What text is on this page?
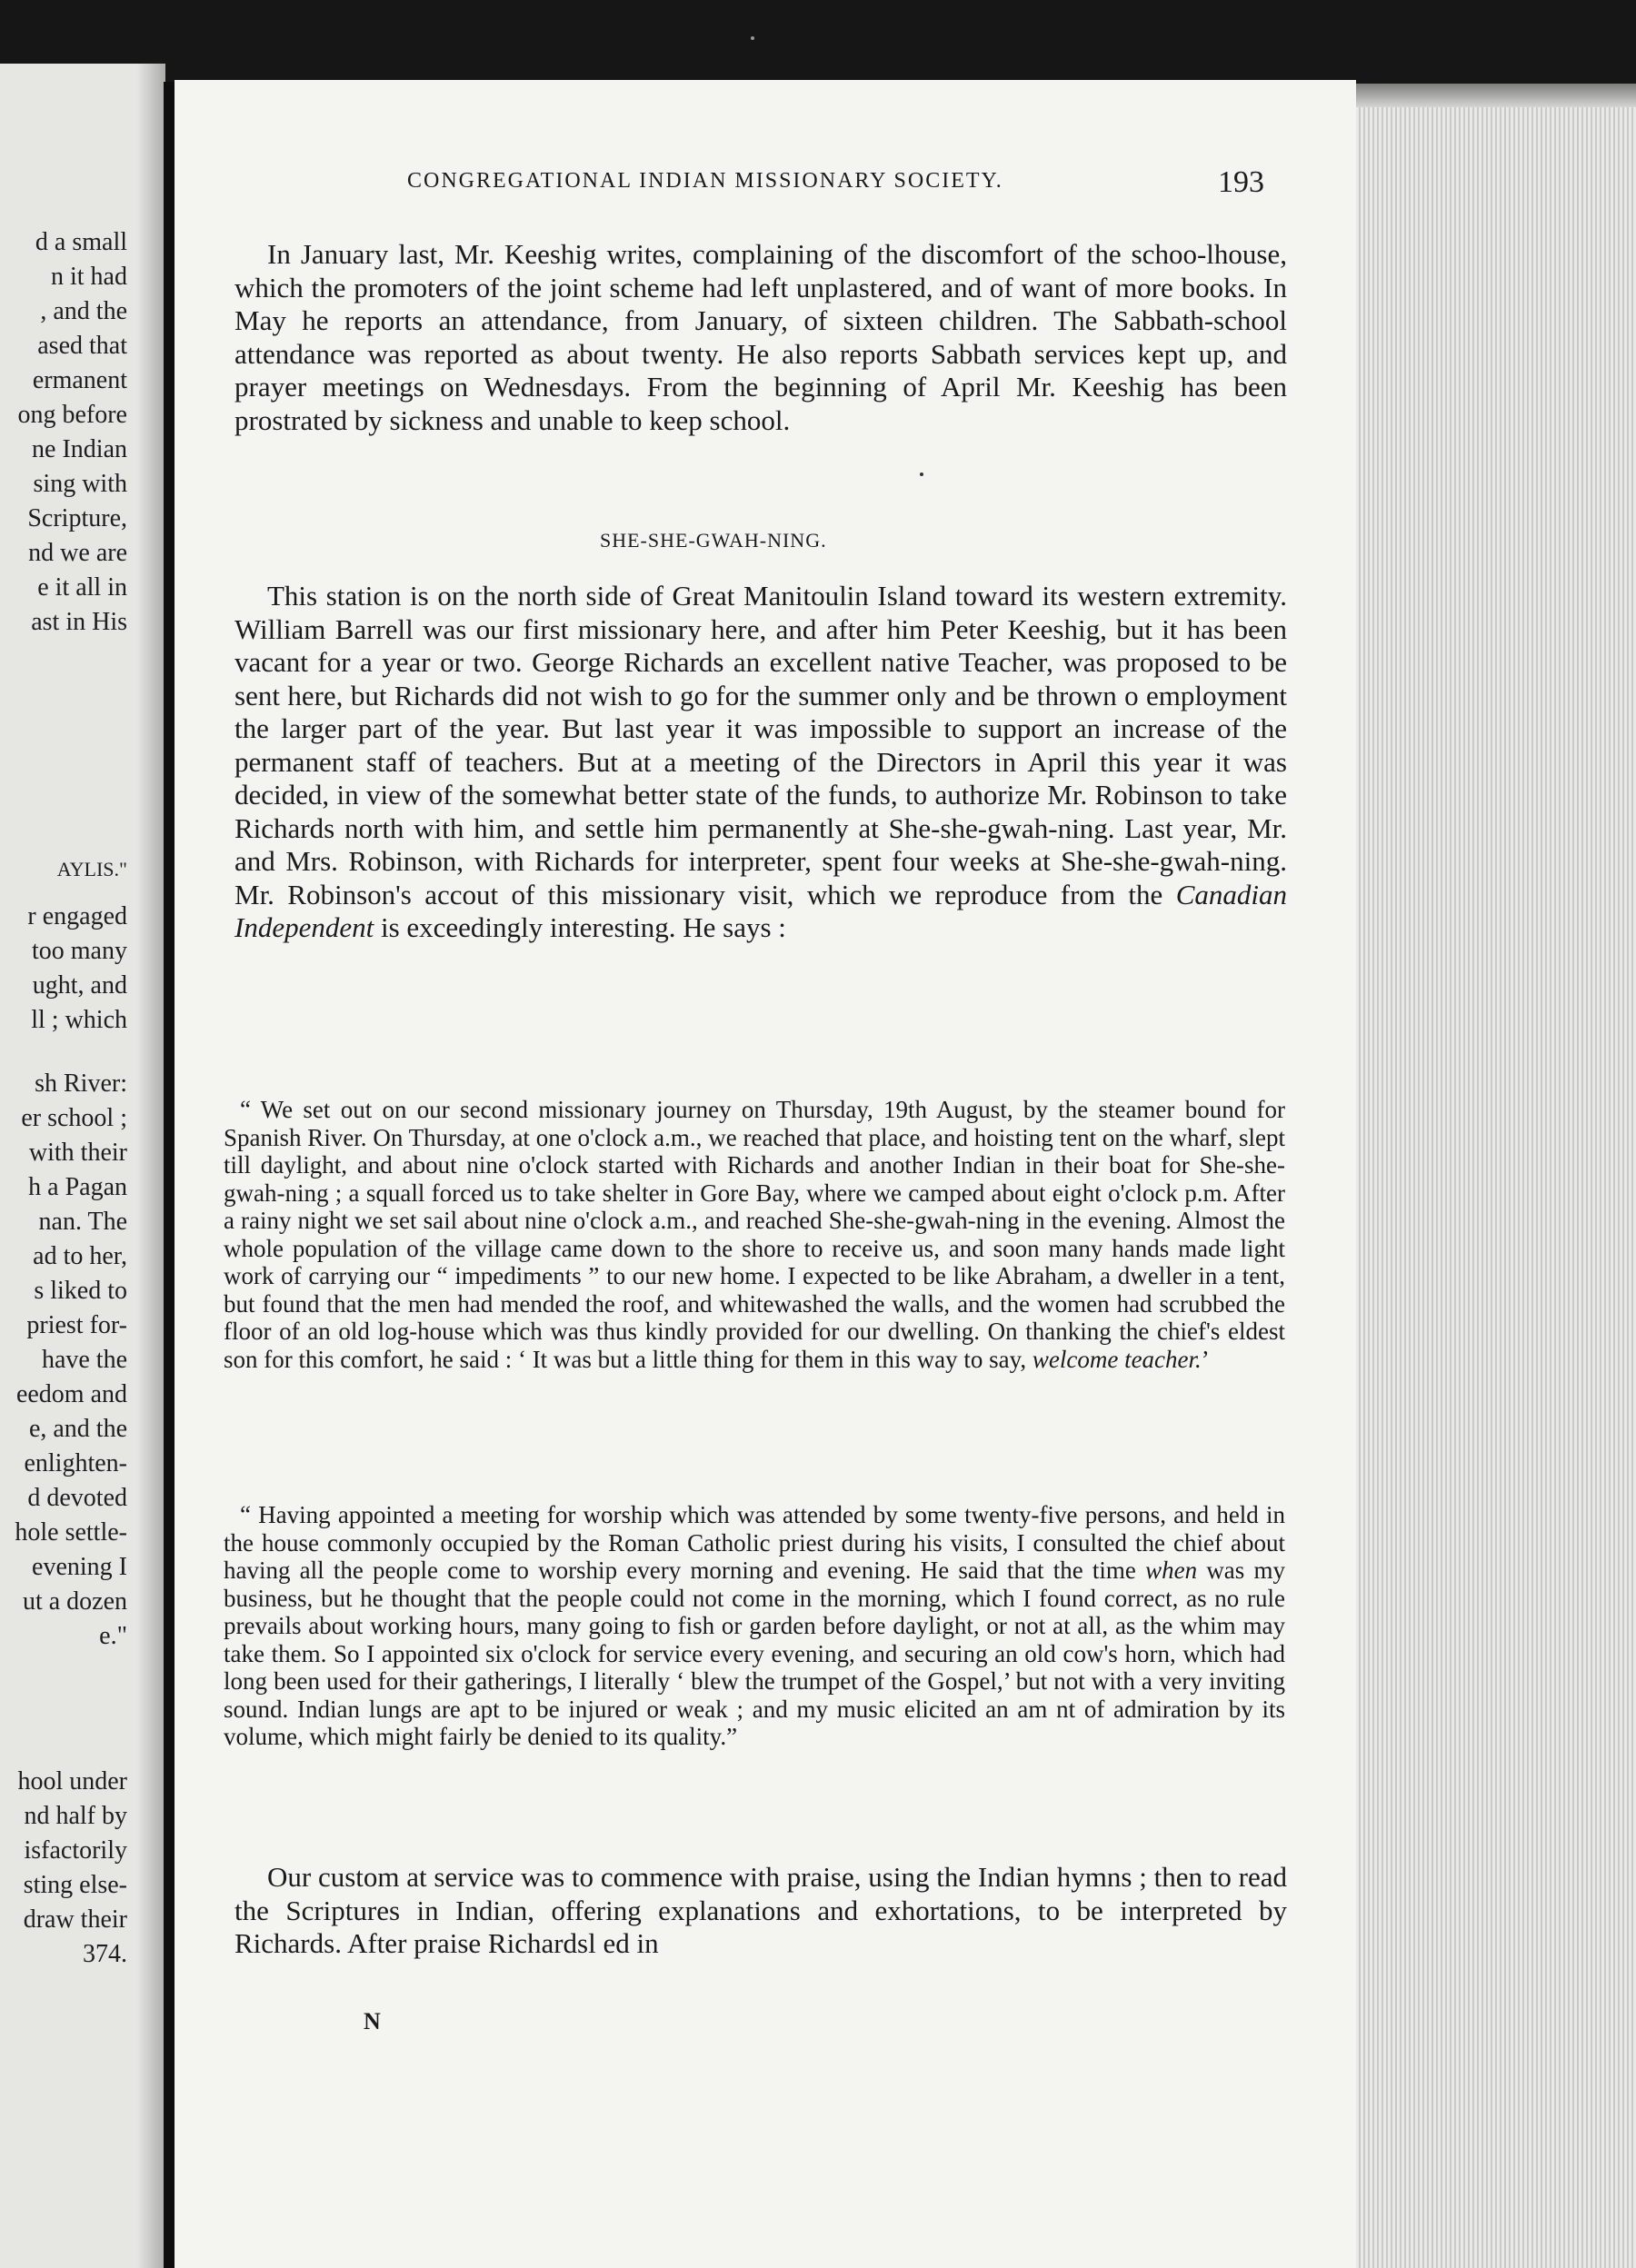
d a small
n it had
, and the
ased that
ermanent
ong before
ne Indian
sing with
Scripture,
nd we are
e it all in
ast in His
AYLIS."
r engaged
too many
ught, and
ll ; which
sh River:
er school ;
with their
h a Pagan
nan. The
ad to her,
s liked to
priest for-
have the
eedom and
e, and the
enlighten-
d devoted
hole settle-
evening I
ut a dozen
e."
hool under
nd half by
isfactorily
sting else-
draw their
374.
CONGREGATIONAL INDIAN MISSIONARY SOCIETY.	193

In January last, Mr. Keeshig writes, complaining of the discomfort of the schoo-lhouse, which the promoters of the joint scheme had left unplastered, and of want of more books. In May he reports an attendance, from January, of sixteen children. The Sabbath-school attendance was reported as about twenty. He also reports Sabbath services kept up, and prayer meetings on Wednesdays. From the beginning of April Mr. Keeshig has been prostrated by sickness and unable to keep school.

SHE-SHE-GWAH-NING.

This station is on the north side of Great Manitoulin Island toward its western extremity. William Barrell was our first missionary here, and after him Peter Keeshig, but it has been vacant for a year or two. George Richards an excellent native Teacher, was proposed to be sent here, but Richards did not wish to go for the summer only and be thrown o employment the larger part of the year. But last year it was impossible to support an increase of the permanent staff of teachers. But at a meeting of the Directors in April this year it was decided, in view of the somewhat better state of the funds, to authorize Mr. Robinson to take Richards north with him, and settle him permanently at She-she-gwah-ning. Last year, Mr. and Mrs. Robinson, with Richards for interpreter, spent four weeks at She-she-gwah-ning. Mr. Robinson's accout of this missionary visit, which we reproduce from the Canadian Independent is exceedingly interesting. He says :

“ We set out on our second missionary journey on Thursday, 19th August, by the steamer bound for Spanish River. On Thursday, at one o'clock a.m., we reached that place, and hoisting tent on the wharf, slept till daylight, and about nine o'clock started with Richards and another Indian in their boat for She-she-gwah-ning ; a squall forced us to take shelter in Gore Bay, where we camped about eight o'clock p.m. After a rainy night we set sail about nine o'clock a.m., and reached She-she-gwah-ning in the evening. Almost the whole population of the village came down to the shore to receive us, and soon many hands made light work of carrying our “ impediments ” to our new home. I expected to be like Abraham, a dweller in a tent, but found that the men had mended the roof, and whitewashed the walls, and the women had scrubbed the floor of an old log-house which was thus kindly provided for our dwelling. On thanking the chief's eldest son for this comfort, he said : ‘ It was but a little thing for them in this way to say, welcome teacher.’

“ Having appointed a meeting for worship which was attended by some twenty-five persons, and held in the house commonly occupied by the Roman Catholic priest during his visits, I consulted the chief about having all the people come to worship every morning and evening. He said that the time when was my business, but he thought that the people could not come in the morning, which I found correct, as no rule prevails about working hours, many going to fish or garden before daylight, or not at all, as the whim may take them. So I appointed six o'clock for service every evening, and securing an old cow's horn, which had long been used for their gatherings, I literally ‘ blew the trumpet of the Gospel,’ but not with a very inviting sound. Indian lungs are apt to be injured or weak ; and my music elicited an am nt of admiration by its volume, which might fairly be denied to its quality.”

Our custom at service was to commence with praise, using the Indian hymns ; then to read the Scriptures in Indian, offering explanations and exhortations, to be interpreted by Richards. After praise Richardsl ed in

N
